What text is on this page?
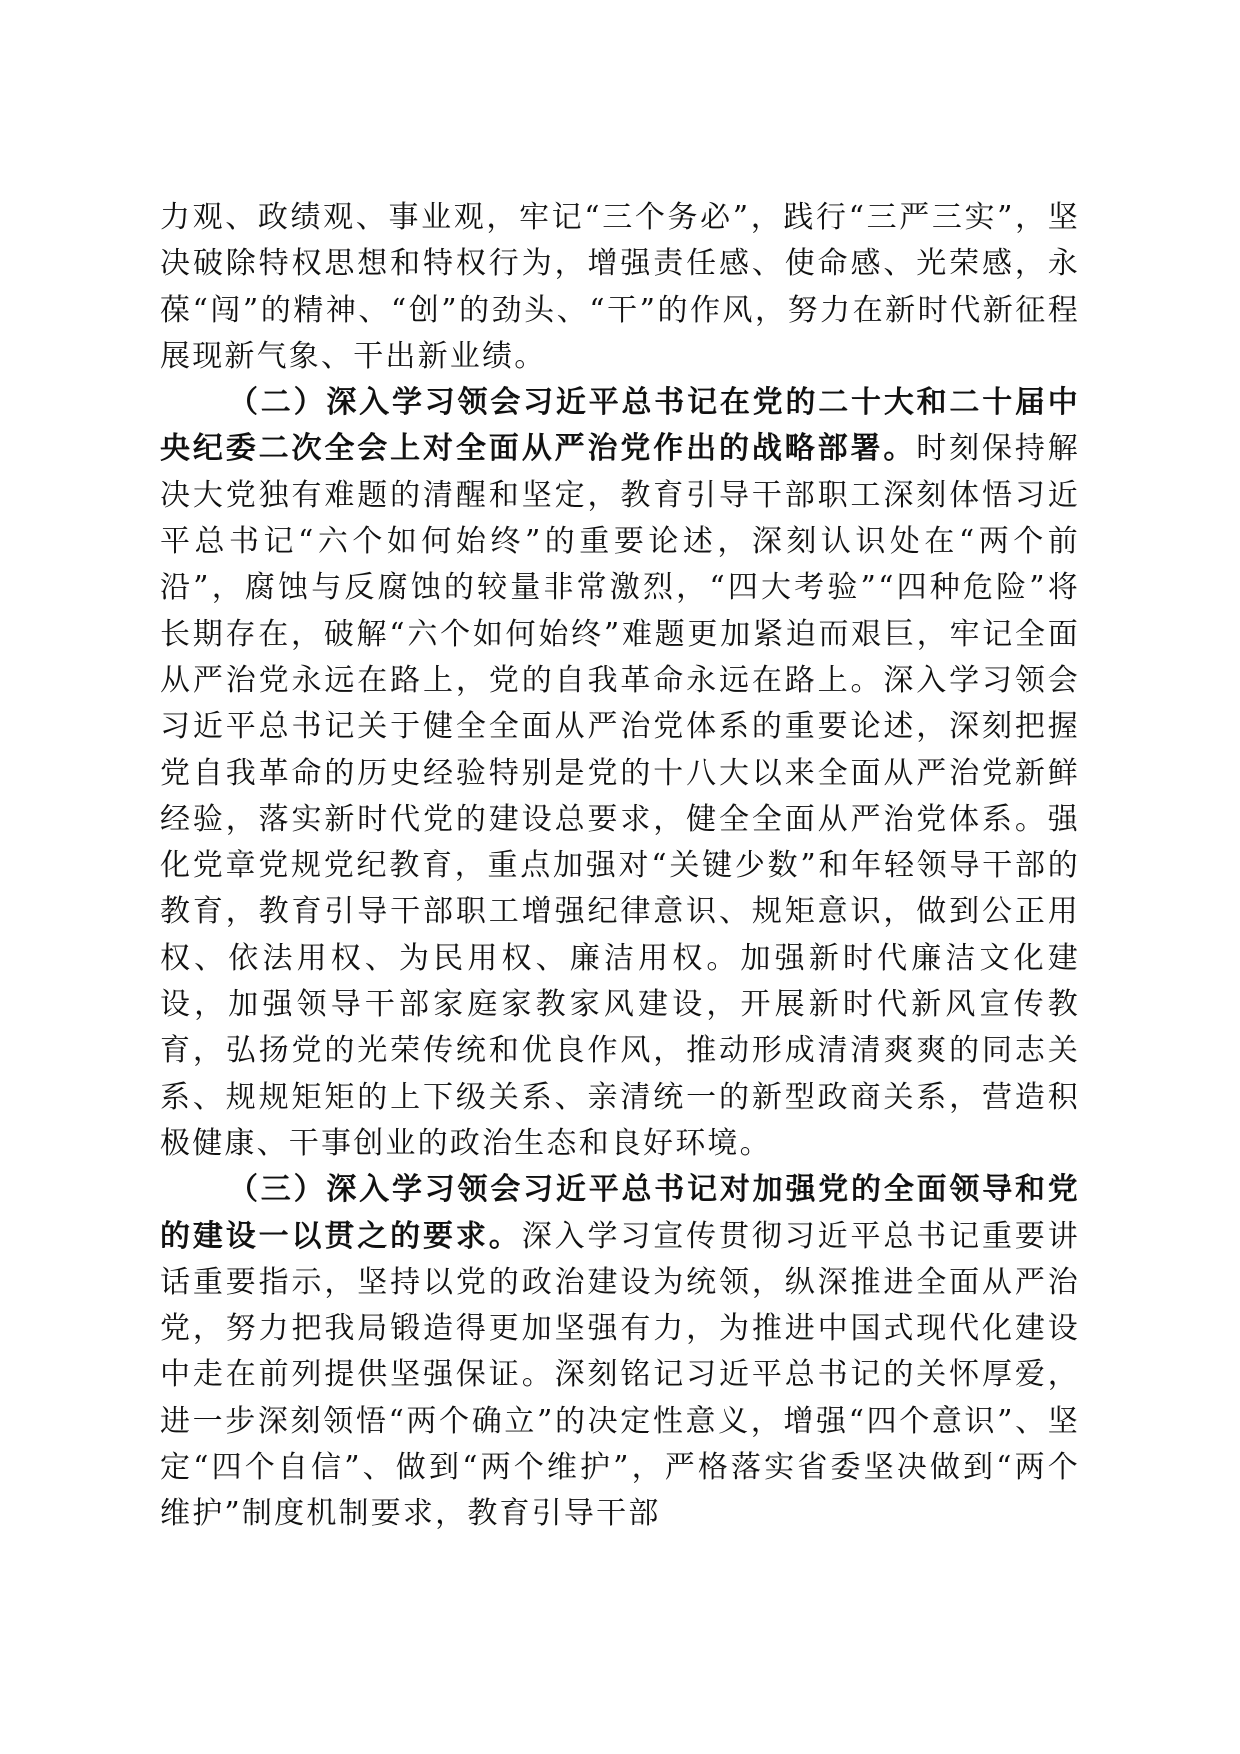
力观、政绩观、事业观，牢记“三个务必”，践行“三严三实”，坚决破除特权思想和特权行为，增强责任感、使命感、光荣感，永葆“闯”的精神、“创”的劲头、“干”的作风，努力在新时代新征程展现新气象、干出新业绩。

（二）深入学习领会习近平总书记在党的二十大和二十届中央纪委二次全会上对全面从严治党作出的战略部署。时刻保持解决大党独有难题的清醒和坚定，教育引导干部职工深刻体悟习近平总书记“六个如何始终”的重要论述，深刻认识处在“两个前沿”，腐蚀与反腐蚀的较量非常激烈，“四大考验”“四种危险”将长期存在，破解“六个如何始终”难题更加紧迫而艰巨，牢记全面从严治党永远在路上，党的自我革命永远在路上。深入学习领会习近平总书记关于健全全面从严治党体系的重要论述，深刻把握党自我革命的历史经验特别是党的十八大以来全面从严治党新鲜经验，落实新时代党的建设总要求，健全全面从严治党体系。强化党章党规党纪教育，重点加强对“关键少数”和年轻领导干部的教育，教育引导干部职工增强纪律意识、规矩意识，做到公正用权、依法用权、为民用权、廉洁用权。加强新时代廉洁文化建设，加强领导干部家庭家教家风建设，开展新时代新风宣传教育，弘扬党的光荣传统和优良作风，推动形成清清爽爽的同志关系、规规矩矩的上下级关系、亲清统一的新型政商关系，营造积极健康、干事创业的政治生态和良好环境。

（三）深入学习领会习近平总书记对加强党的全面领导和党的建设一以贯之的要求。深入学习宣传贯彻习近平总书记重要讲话重要指示，坚持以党的政治建设为统领，纵深推进全面从严治党，努力把我局锻造得更加坚强有力，为推进中国式现代化建设中走在前列提供坚强保证。深刻铭记习近平总书记的关怀厚爱，进一步深刻领悟“两个确立”的决定性意义，增强“四个意识”、坚定“四个自信”、做到“两个维护”，严格落实省委坚决做到“两个维护”制度机制要求，教育引导干部
